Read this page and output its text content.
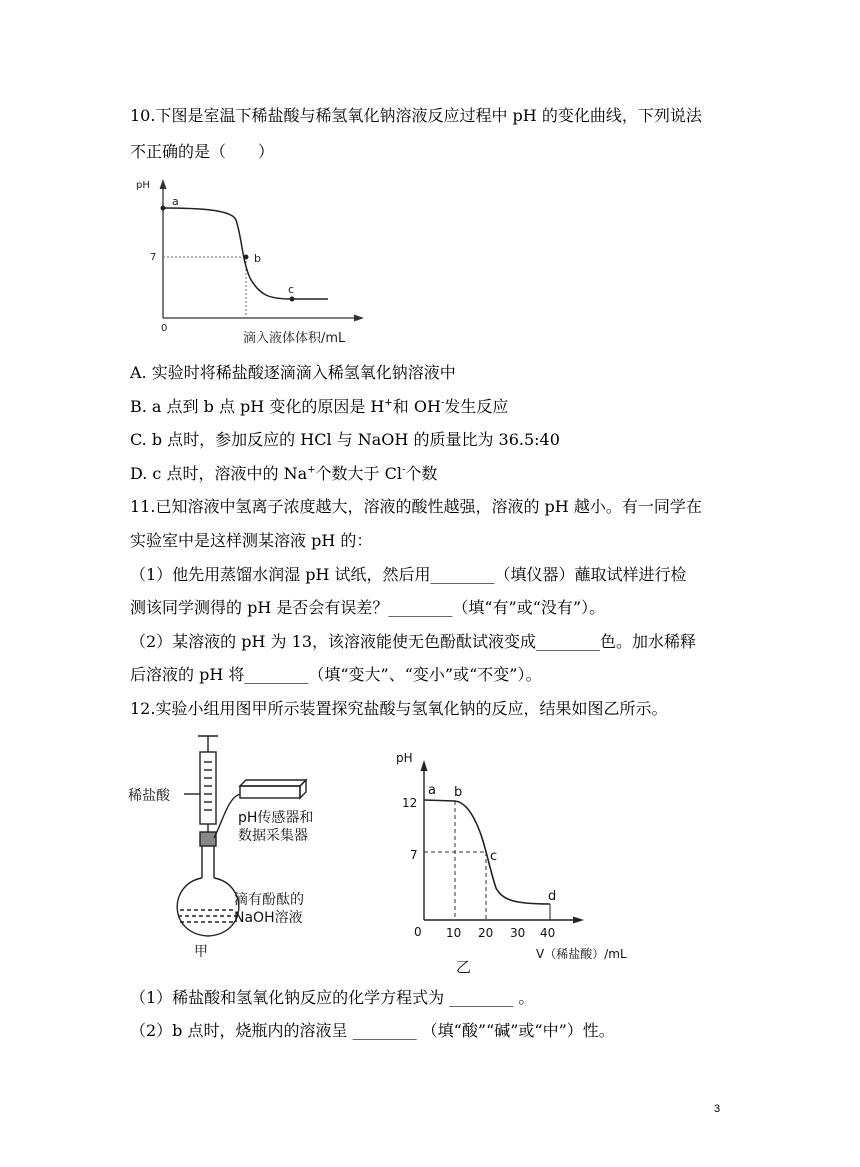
10.下图是室温下稀盐酸与稀氢氧化钠溶液反应过程中 pH 的变化曲线，下列说法
不正确的是（　　）
pH
7
0
a
b
c
滴入液体体积/mL
A. 实验时将稀盐酸逐滴滴入稀氢氧化钠溶液中
B. a 点到 b 点 pH 变化的原因是 H+和 OH-发生反应
C. b 点时，参加反应的 HCl 与 NaOH 的质量比为 36.5:40
D. c 点时，溶液中的 Na+个数大于 Cl-个数
11.已知溶液中氢离子浓度越大，溶液的酸性越强，溶液的 pH 越小。有一同学在
实验室中是这样测某溶液 pH 的：
（1）他先用蒸馏水润湿 pH 试纸，然后用________（填仪器）蘸取试样进行检
测该同学测得的 pH 是否会有误差？________（填“有”或“没有”）。
（2）某溶液的 pH 为 13，该溶液能使无色酚酞试液变成________色。加水稀释
后溶液的 pH 将________（填“变大”、“变小”或“不变”）。
12.实验小组用图甲所示装置探究盐酸与氢氧化钠的反应，结果如图乙所示。
稀盐酸
pH传感器和
数据采集器
滴有酚酞的
NaOH溶液
甲
pH
12
7
0 10 20 30 40
V（稀盐酸）/mL
乙
a b
c
d
（1）稀盐酸和氢氧化钠反应的化学方程式为 ________ 。
（2）b 点时，烧瓶内的溶液呈 ________ （填“酸”“碱”或“中”）性。
3
